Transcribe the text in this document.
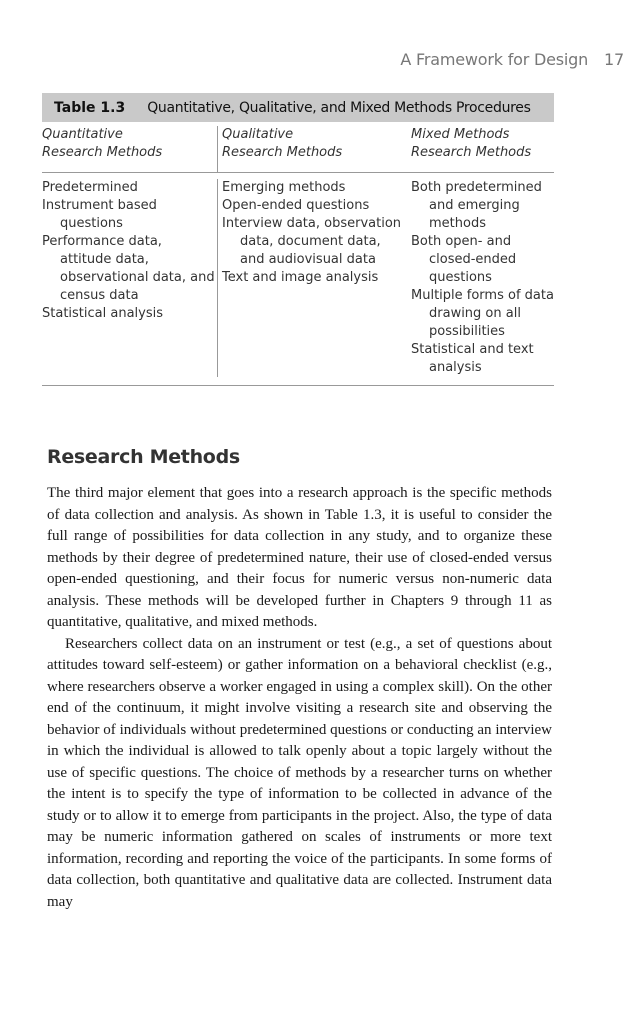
A Framework for Design 17
Table 1.3 Quantitative, Qualitative, and Mixed Methods Procedures
Quantitative
Research Methods
Qualitative
Research Methods
Mixed Methods
Research Methods
Predetermined
Instrument based questions
Performance data, attitude data, observational data, and census data
Statistical analysis
Emerging methods
Open-ended questions
Interview data, observation data, document data, and audiovisual data
Text and image analysis
Both predetermined and emerging methods
Both open- and closed-ended questions
Multiple forms of data drawing on all possibilities
Statistical and text analysis
Research Methods

The third major element that goes into a research approach is the specific methods of data collection and analysis. As shown in Table 1.3, it is useful to consider the full range of possibilities for data collection in any study, and to organize these methods by their degree of predetermined nature, their use of closed-ended versus open-ended questioning, and their focus for numeric versus non-numeric data analysis. These methods will be developed further in Chapters 9 through 11 as quantitative, qualitative, and mixed methods.

Researchers collect data on an instrument or test (e.g., a set of questions about attitudes toward self-esteem) or gather information on a behavioral checklist (e.g., where researchers observe a worker engaged in using a complex skill). On the other end of the continuum, it might involve visiting a research site and observing the behavior of individuals without predetermined questions or conducting an interview in which the individual is allowed to talk openly about a topic largely without the use of specific questions. The choice of methods by a researcher turns on whether the intent is to specify the type of information to be collected in advance of the study or to allow it to emerge from participants in the project. Also, the type of data may be numeric information gathered on scales of instruments or more text information, recording and reporting the voice of the participants. In some forms of data collection, both quantitative and qualitative data are collected. Instrument data may
